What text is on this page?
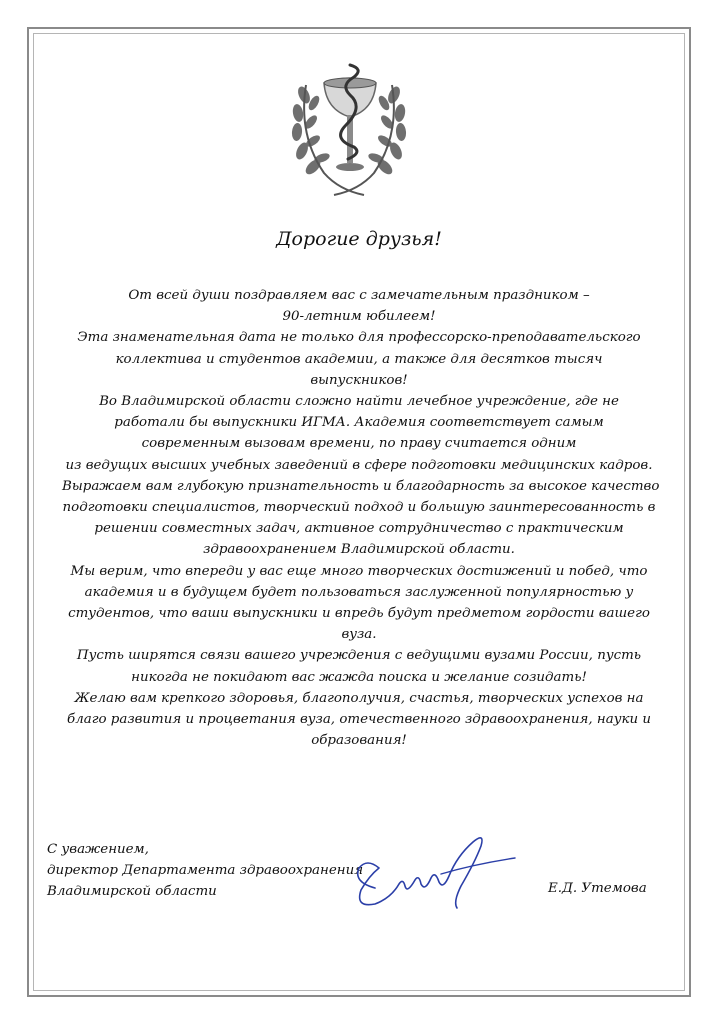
Дорогие друзья!
От всей души поздравляем вас с замечательным праздником –
90-летним юбилеем!
Эта знаменательная дата не только для профессорско-преподавательского
коллектива и студентов академии, а также для десятков тысяч
выпускников!
Во Владимирской области сложно найти лечебное учреждение, где не
работали бы выпускники ИГМА. Академия соответствует самым
современным вызовам времени, по праву считается одним
из ведущих высших учебных заведений в сфере подготовки медицинских кадров.
Выражаем вам глубокую признательность и благодарность за высокое качество
подготовки специалистов, творческий подход и большую заинтересованность в
решении совместных задач, активное сотрудничество с практическим
здравоохранением Владимирской области.
Мы верим, что впереди у вас еще много творческих достижений и побед, что
академия и в будущем будет пользоваться заслуженной популярностью у
студентов, что ваши выпускники и впредь будут предметом гордости вашего
вуза.
Пусть ширятся связи вашего учреждения с ведущими вузами России, пусть
никогда не покидают вас жажда поиска и желание созидать!
Желаю вам крепкого здоровья, благополучия, счастья, творческих успехов на
благо развития и процветания вуза, отечественного здравоохранения, науки и
образования!
С уважением,
директор Департамента здравоохранения
Владимирской области	Е.Д. Утемова
